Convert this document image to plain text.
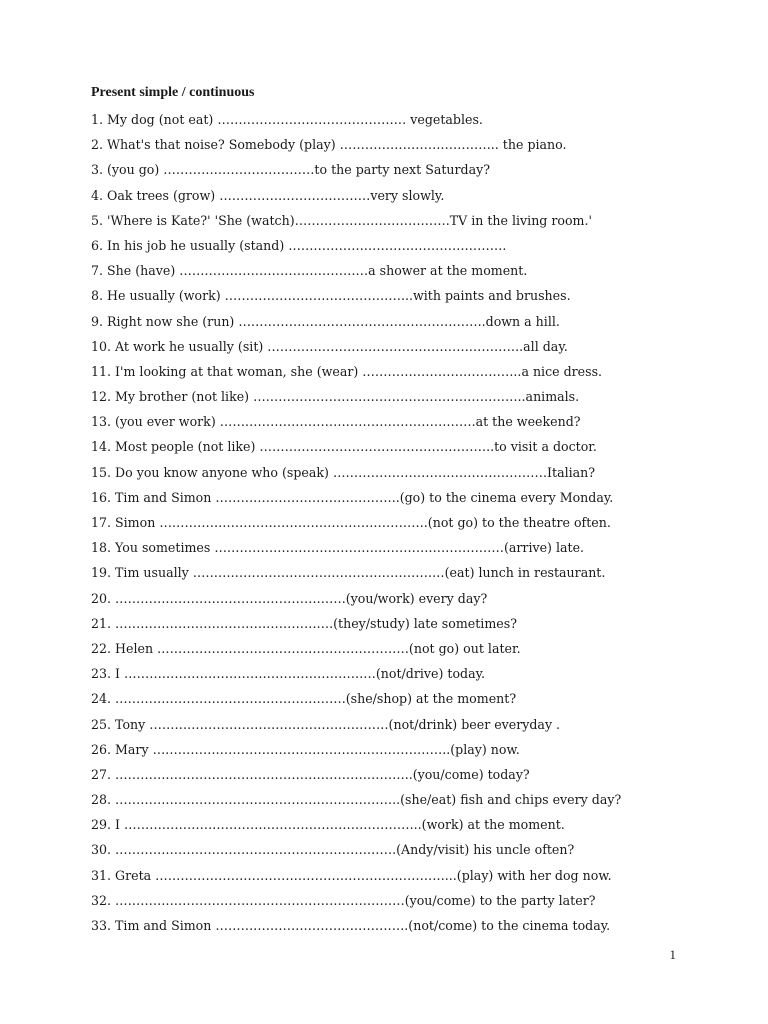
Present simple / continuous
1. My dog (not eat) ……………………………………… vegetables.
2. What's that noise? Somebody (play) ……………………………….. the piano.
3. (you go) ………………………………to the party next Saturday?
4. Oak trees (grow) ………………………………very slowly.
5. 'Where is Kate?' 'She (watch)……………………………….TV in the living room.'
6. In his job he usually (stand) …………………………………………….
7. She (have) ………………………………………a shower at the moment.
8. He usually (work) ……………………………………...with paints and brushes.
9. Right now she (run) …………………………………………………..down a hill.
10. At work he usually (sit) …………………………………………………….all day.
11. I'm looking at that woman, she (wear) ………………………………..a nice dress.
12. My brother (not like) ………………………………………………………..animals.
13. (you ever work) …………………………………………………….at the weekend?
14. Most people (not like) ………………………………………………..to visit a doctor.
15. Do you know anyone who (speak) ……………………………………………Italian?
16. Tim and Simon ……………………………………..(go) to the cinema every Monday.
17. Simon ……………………………………………………….(not go) to the theatre often.
18. You sometimes ……………………………………………………………(arrive) late.
19. Tim usually ……………………………………………………(eat) lunch in restaurant.
20. ……………………………………………….(you/work) every day?
21. …………………………………………….(they/study) late sometimes?
22. Helen ……………………………………………………(not go) out later.
23. I ……………………………………………………(not/drive) today.
24. ……………………………………………….(she/shop) at the moment?
25. Tony …………………………………………………(not/drink) beer everyday .
26. Mary ……………………………………………………………..(play) now.
27. ……………………………………………………………..(you/come) today?
28. …………………………………………………………..(she/eat) fish and chips every day?
29. I ……………………………………………………………..(work) at the moment.
30. ………………………………………………………….(Andy/visit) his uncle often?
31. Greta ……………………………………………………………...(play) with her dog now.
32. ……………………………………………………………(you/come) to the party later?
33. Tim and Simon ……………………………………….(not/come) to the cinema today.
1
